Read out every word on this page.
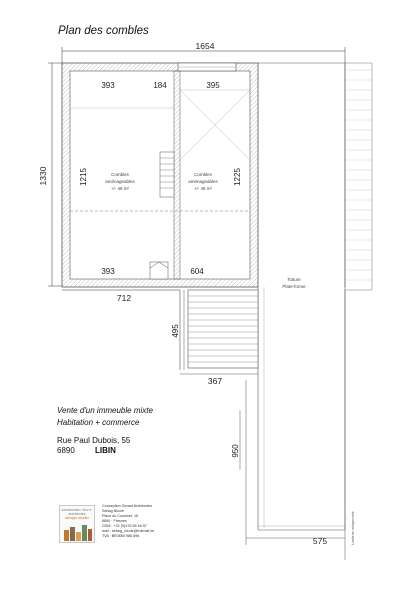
Plan des combles
1654
1330
393	184	395
1215	1225
393	604
Combles
aménageables
+/- 46 m²
Combles
aménageables
+/- 46 m²
712
Toiture
Plate-forme
495
367
950
575	Limite de mitoyenneté
Vente d'un immeuble mixte
Habitation + commerce
Rue Paul Dubois, 55
6890	LIBIN
construction ·éco·n· architectes
design studio
Conception Gérant Architectes
Sébag Nicole
Place du Cousinet, 16
6890 · Fresnes
GSM : +32 (0)476 58 48 97
mail : sébag_nicole@hotmail.be
TVA : BE0650 988 898
